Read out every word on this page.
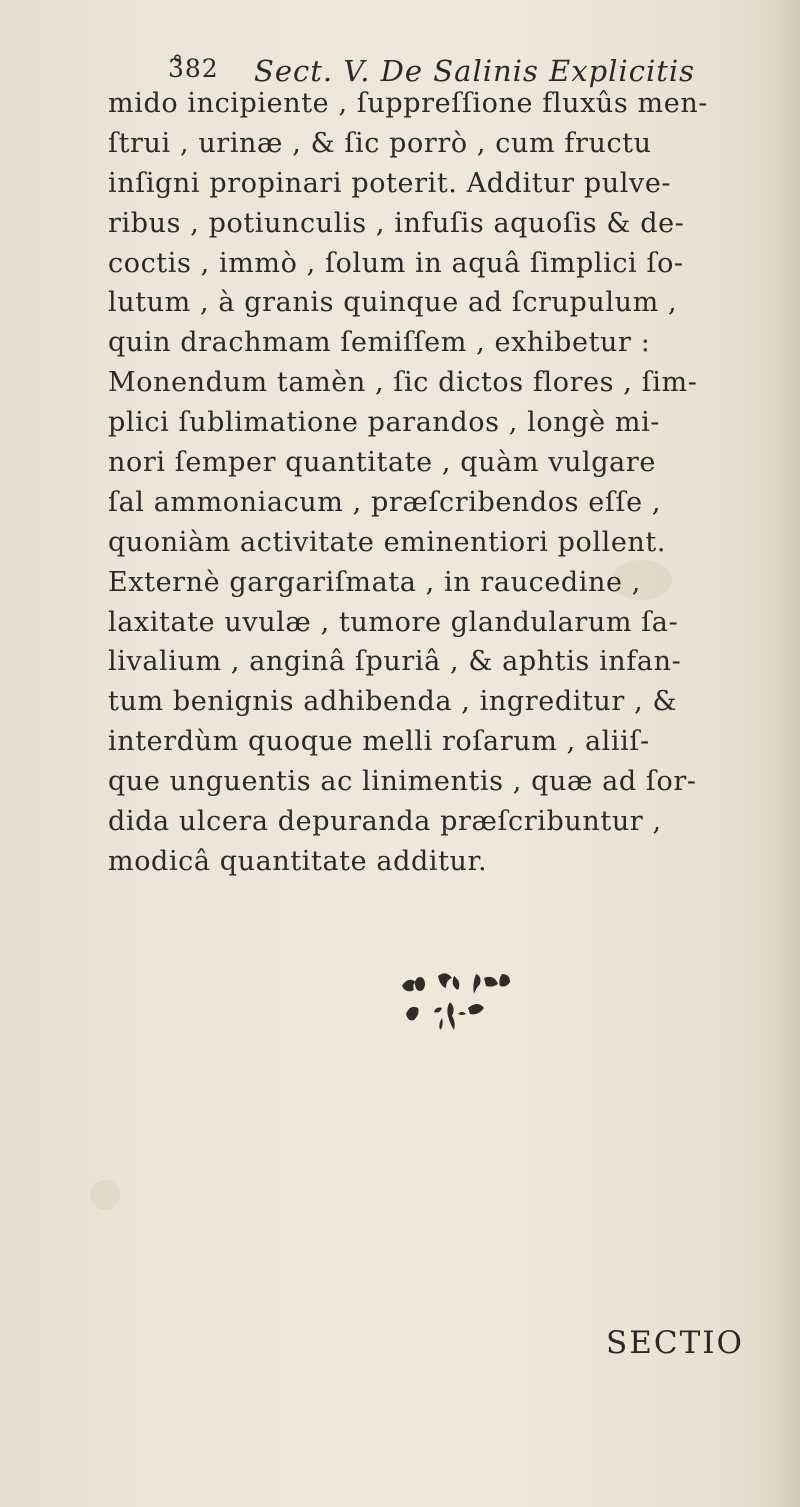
3̊82 Sect. V. De Salinis Explicitis
mido incipiente , ſuppreſſione fluxûs men-
ſtrui , urinæ , & ſic porrò , cum fructu
inſigni propinari poterit. Additur pulve-
ribus , potiunculis , infuſis aquoſis & de-
coctis , immò , ſolum in aquâ ſimplici ſo-
lutum , à granis quinque ad ſcrupulum ,
quin drachmam ſemiſſem , exhibetur :
Monendum tamèn , ſic dictos flores , ſim-
plici ſublimatione parandos , longè mi-
nori ſemper quantitate , quàm vulgare
ſal ammoniacum , præſcribendos eſſe ,
quoniàm activitate eminentiori pollent.
Externè gargariſmata , in raucedine ,
laxitate uvulæ , tumore glandularum ſa-
livalium , anginâ ſpuriâ , & aphtis infan-
tum benignis adhibenda , ingreditur , &
interdùm quoque melli roſarum , aliiſ-
que unguentis ac linimentis , quæ ad ſor-
dida ulcera depuranda præſcribuntur ,
modicâ quantitate additur.
SECTIO
